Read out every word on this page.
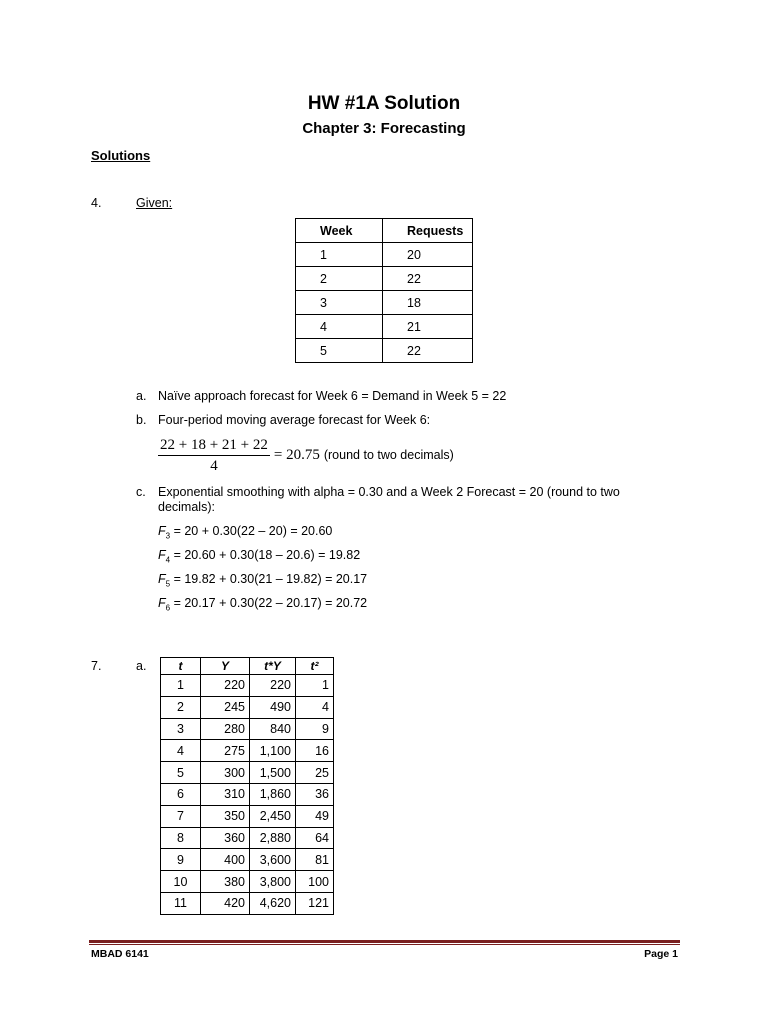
HW #1A Solution
Chapter 3: Forecasting
Solutions
4.	Given:
Week	Requests
1	20
2	22
3	18
4	21
5	22
a. Naïve approach forecast for Week 6 = Demand in Week 5 = 22
b. Four-period moving average forecast for Week 6:
$\frac{22 + 18 + 21 + 22}{4} = 20.75$ (round to two decimals)
c. Exponential smoothing with alpha = 0.30 and a Week 2 Forecast = 20 (round to two decimals):
$F_3 = 20 + 0.30(22 - 20) = 20.60$
$F_4 = 20.60 + 0.30(18 - 20.6) = 19.82$
$F_5 = 19.82 + 0.30(21 - 19.82) = 20.17$
$F_6 = 20.17 + 0.30(22 - 20.17) = 20.72$
7.	a.	t	Y	t*Y	t²
1	220	220	1
2	245	490	4
3	280	840	9
4	275	1,100	16
5	300	1,500	25
6	310	1,860	36
7	350	2,450	49
8	360	2,880	64
9	400	3,600	81
10	380	3,800	100
11	420	4,620	121
MBAD 6141	Page 1
